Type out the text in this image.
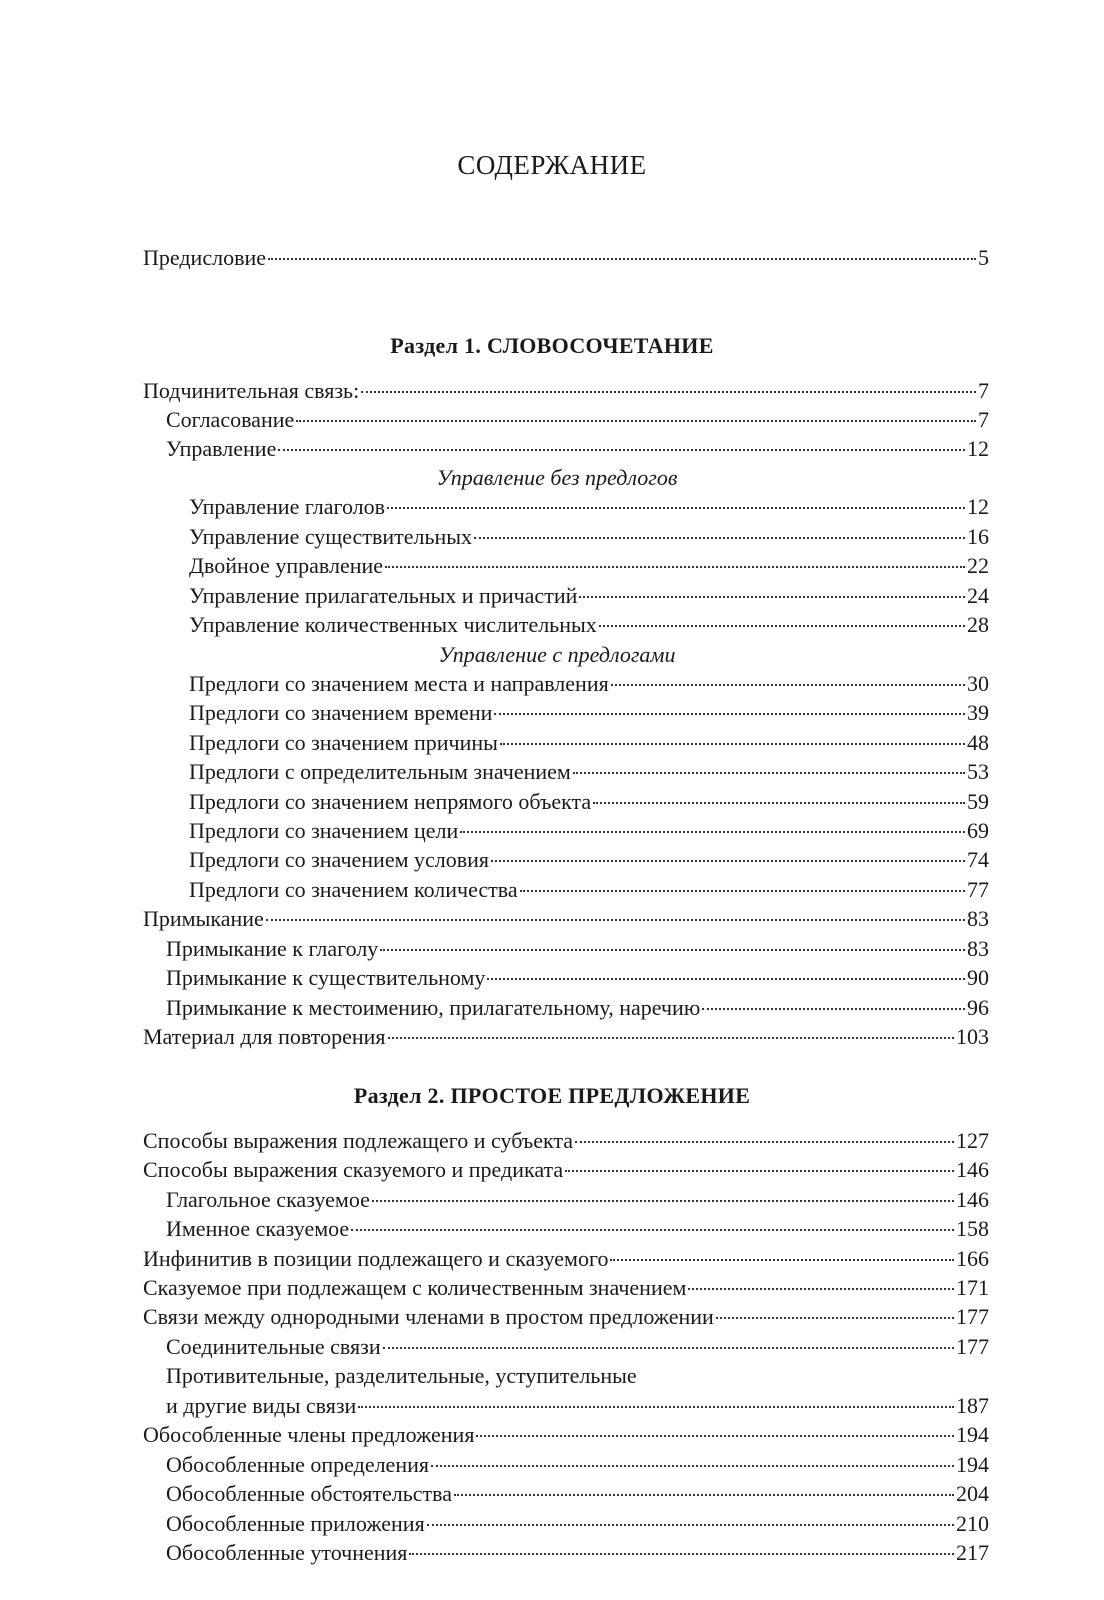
СОДЕРЖАНИЕ
Предисловие	5
Раздел 1. СЛОВОСОЧЕТАНИЕ
Подчинительная связь:	7
Согласование	7
Управление	12
Управление без предлогов
Управление глаголов	12
Управление существительных	16
Двойное управление	22
Управление прилагательных и причастий	24
Управление количественных числительных	28
Управление с предлогами
Предлоги со значением места и направления	30
Предлоги со значением времени	39
Предлоги со значением причины	48
Предлоги с определительным значением	53
Предлоги со значением непрямого объекта	59
Предлоги со значением цели	69
Предлоги со значением условия	74
Предлоги со значением количества	77
Примыкание	83
Примыкание к глаголу	83
Примыкание к существительному	90
Примыкание к местоимению, прилагательному, наречию	96
Материал для повторения	103
Раздел 2. ПРОСТОЕ ПРЕДЛОЖЕНИЕ
Способы выражения подлежащего и субъекта	127
Способы выражения сказуемого и предиката	146
Глагольное сказуемое	146
Именное сказуемое	158
Инфинитив в позиции подлежащего и сказуемого	166
Сказуемое при подлежащем с количественным значением	171
Связи между однородными членами в простом предложении	177
Соединительные связи	177
Противительные, разделительные, уступительные
и другие виды связи	187
Обособленные члены предложения	194
Обособленные определения	194
Обособленные обстоятельства	204
Обособленные приложения	210
Обособленные уточнения	217
